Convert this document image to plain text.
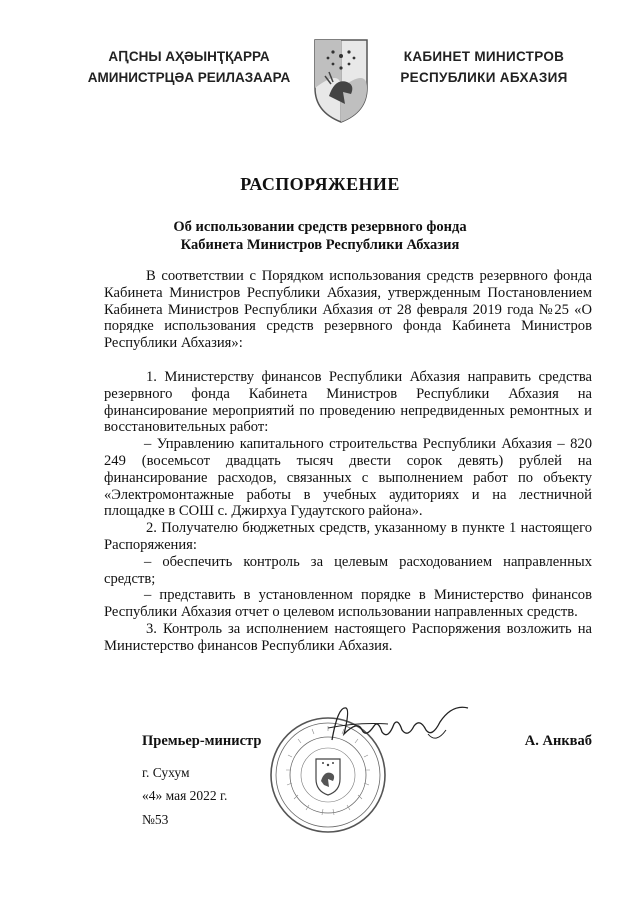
АԤСНЫ АҲӘЫНҬҚАРРА
АМИНИСТРЦӘА РЕИЛАЗААРА
КАБИНЕТ МИНИСТРОВ
РЕСПУБЛИКИ АБХАЗИЯ
РАСПОРЯЖЕНИЕ
Об использовании средств резервного фонда
Кабинета Министров Республики Абхазия

В соответствии с Порядком использования средств резервного фонда Кабинета Министров Республики Абхазия, утвержденным Постановлением Кабинета Министров Республики Абхазия от 28 февраля 2019 года №25 «О порядке использования средств резервного фонда Кабинета Министров Республики Абхазия»:

1. Министерству финансов Республики Абхазия направить средства резервного фонда Кабинета Министров Республики Абхазия на финансирование мероприятий по проведению непредвиденных ремонтных и восстановительных работ:

– Управлению капитального строительства Республики Абхазия – 820 249 (восемьсот двадцать тысяч двести сорок девять) рублей на финансирование расходов, связанных с выполнением работ по объекту «Электромонтажные работы в учебных аудиториях и на лестничной площадке в СОШ с. Джирхуа Гудаутского района».

2. Получателю бюджетных средств, указанному в пункте 1 настоящего Распоряжения:

– обеспечить контроль за целевым расходованием направленных средств;

– представить в установленном порядке в Министерство финансов Республики Абхазия отчет о целевом использовании направленных средств.

3. Контроль за исполнением настоящего Распоряжения возложить на Министерство финансов Республики Абхазия.

Премьер-министр	А. Анкваб
г. Сухум
«4» мая 2022 г.
№53
